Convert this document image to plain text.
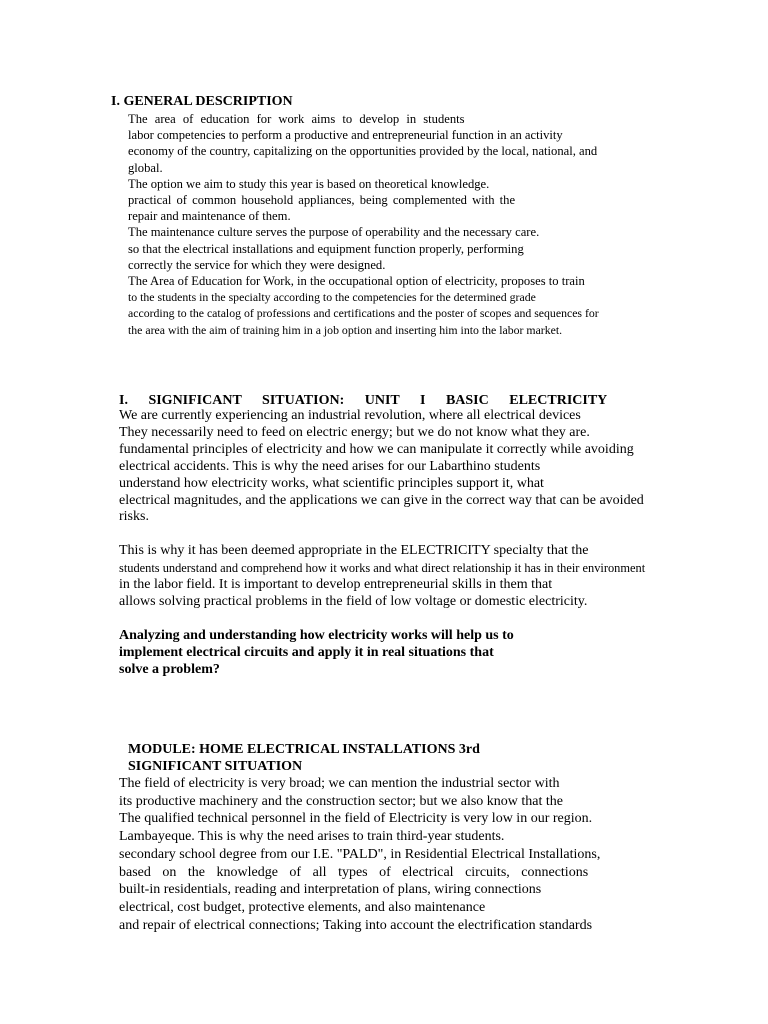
I. GENERAL DESCRIPTION
The area of education for work aims to develop in students
labor competencies to perform a productive and entrepreneurial function in an activity
economy of the country, capitalizing on the opportunities provided by the local, national, and
global.
The option we aim to study this year is based on theoretical knowledge.
practical of common household appliances, being complemented with the
repair and maintenance of them.
The maintenance culture serves the purpose of operability and the necessary care.
so that the electrical installations and equipment function properly, performing
correctly the service for which they were designed.
The Area of Education for Work, in the occupational option of electricity, proposes to train
to the students in the specialty according to the competencies for the determined grade
according to the catalog of professions and certifications and the poster of scopes and sequences for
the area with the aim of training him in a job option and inserting him into the labor market.
I. SIGNIFICANT SITUATION: UNIT I BASIC ELECTRICITY
We are currently experiencing an industrial revolution, where all electrical devices
They necessarily need to feed on electric energy; but we do not know what they are.
fundamental principles of electricity and how we can manipulate it correctly while avoiding
electrical accidents. This is why the need arises for our Labarthino students
understand how electricity works, what scientific principles support it, what
electrical magnitudes, and the applications we can give in the correct way that can be avoided
risks.
This is why it has been deemed appropriate in the ELECTRICITY specialty that the
students understand and comprehend how it works and what direct relationship it has in their environment
in the labor field. It is important to develop entrepreneurial skills in them that
allows solving practical problems in the field of low voltage or domestic electricity.
Analyzing and understanding how electricity works will help us to
implement electrical circuits and apply it in real situations that
solve a problem?
MODULE: HOME ELECTRICAL INSTALLATIONS 3rd
SIGNIFICANT SITUATION
The field of electricity is very broad; we can mention the industrial sector with
its productive machinery and the construction sector; but we also know that the
The qualified technical personnel in the field of Electricity is very low in our region.
Lambayeque. This is why the need arises to train third-year students.
secondary school degree from our I.E. "PALD", in Residential Electrical Installations,
based on the knowledge of all types of electrical circuits, connections
built-in residentials, reading and interpretation of plans, wiring connections
electrical, cost budget, protective elements, and also maintenance
and repair of electrical connections; Taking into account the electrification standards
